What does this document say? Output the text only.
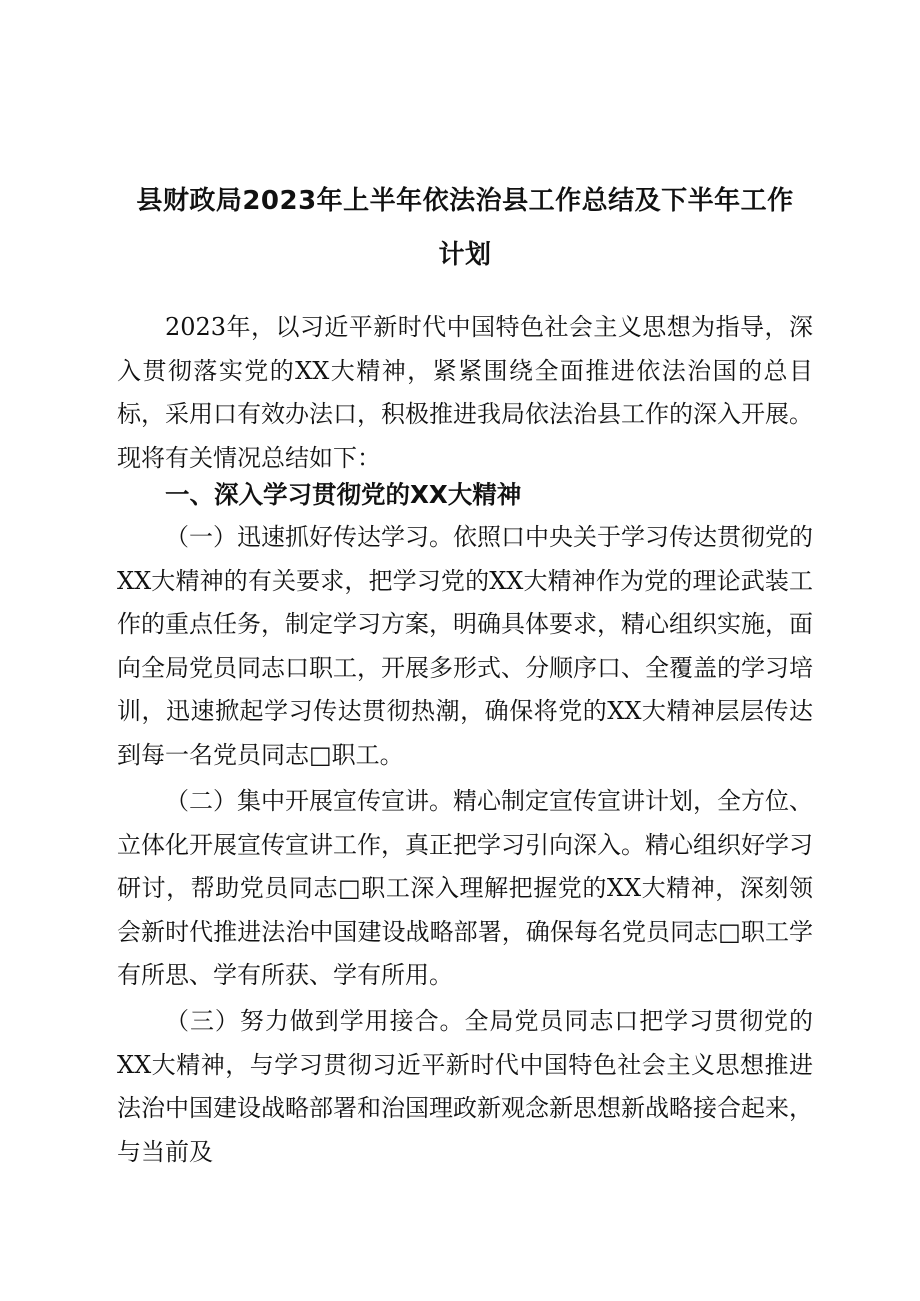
县财政局2023年上半年依法治县工作总结及下半年工作
计划

2023年，以习近平新时代中国特色社会主义思想为指导，深入贯彻落实党的XX大精神，紧紧围绕全面推进依法治国的总目标，采用口有效办法口，积极推进我局依法治县工作的深入开展。现将有关情况总结如下：

一、深入学习贯彻党的XX大精神

（一）迅速抓好传达学习。依照口中央关于学习传达贯彻党的XX大精神的有关要求，把学习党的XX大精神作为党的理论武装工作的重点任务，制定学习方案，明确具体要求，精心组织实施，面向全局党员同志口职工，开展多形式、分顺序口、全覆盖的学习培训，迅速掀起学习传达贯彻热潮，确保将党的XX大精神层层传达到每一名党员同志□职工。

（二）集中开展宣传宣讲。精心制定宣传宣讲计划，全方位、立体化开展宣传宣讲工作，真正把学习引向深入。精心组织好学习研讨，帮助党员同志□职工深入理解把握党的XX大精神，深刻领会新时代推进法治中国建设战略部署，确保每名党员同志□职工学有所思、学有所获、学有所用。

（三）努力做到学用接合。全局党员同志口把学习贯彻党的XX大精神，与学习贯彻习近平新时代中国特色社会主义思想推进法治中国建设战略部署和治国理政新观念新思想新战略接合起来，与当前及
